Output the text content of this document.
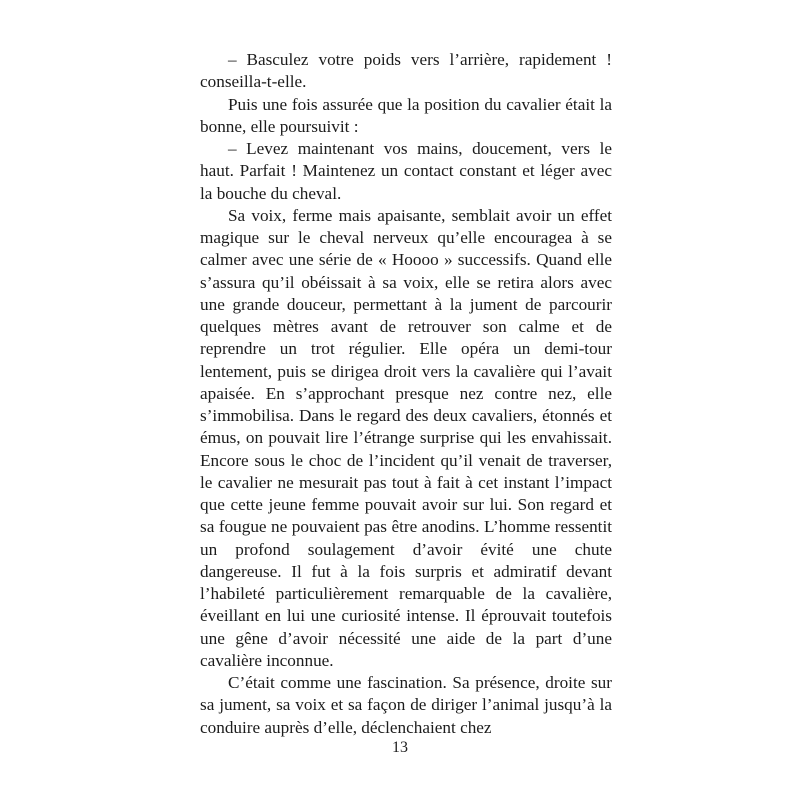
– Basculez votre poids vers l’arrière, rapidement ! conseilla-t-elle.

Puis une fois assurée que la position du cavalier était la bonne, elle poursuivit :

– Levez maintenant vos mains, doucement, vers le haut. Parfait ! Maintenez un contact constant et léger avec la bouche du cheval.

Sa voix, ferme mais apaisante, semblait avoir un effet magique sur le cheval nerveux qu’elle encouragea à se calmer avec une série de « Hoooo » successifs. Quand elle s’assura qu’il obéissait à sa voix, elle se retira alors avec une grande douceur, permettant à la jument de parcourir quelques mètres avant de retrouver son calme et de reprendre un trot régulier. Elle opéra un demi-tour lentement, puis se dirigea droit vers la cavalière qui l’avait apaisée. En s’approchant presque nez contre nez, elle s’immobilisa. Dans le regard des deux cavaliers, étonnés et émus, on pouvait lire l’étrange surprise qui les envahissait. Encore sous le choc de l’incident qu’il venait de traverser, le cavalier ne mesurait pas tout à fait à cet instant l’impact que cette jeune femme pouvait avoir sur lui. Son regard et sa fougue ne pouvaient pas être anodins. L’homme ressentit un profond soulagement d’avoir évité une chute dangereuse. Il fut à la fois surpris et admiratif devant l’habileté particulièrement remarquable de la cavalière, éveillant en lui une curiosité intense. Il éprouvait toutefois une gêne d’avoir nécessité une aide de la part d’une cavalière inconnue.

C’était comme une fascination. Sa présence, droite sur sa jument, sa voix et sa façon de diriger l’animal jusqu’à la conduire auprès d’elle, déclenchaient chez

13
